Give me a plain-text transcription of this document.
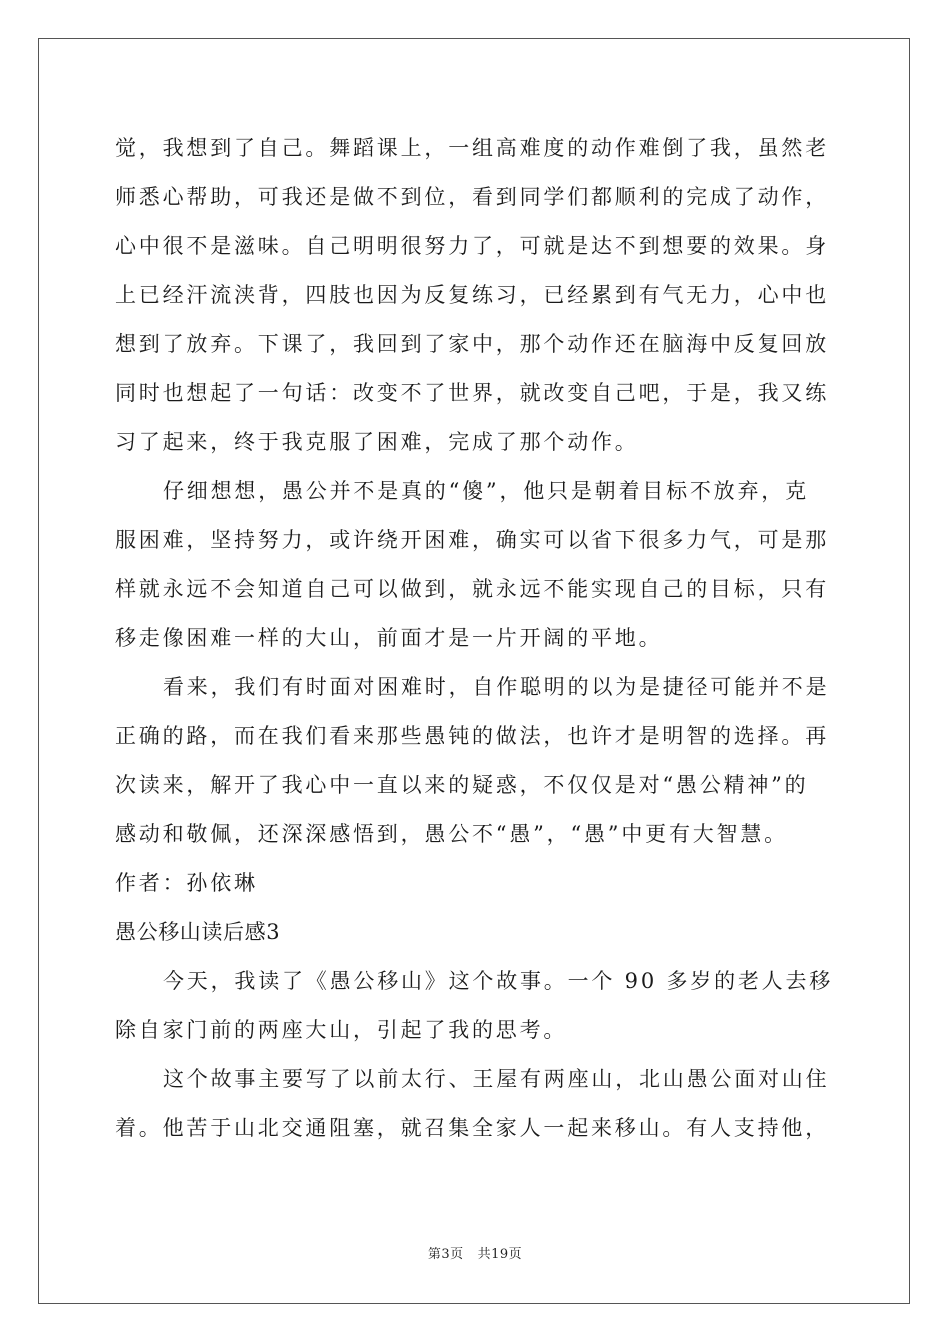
觉，我想到了自己。舞蹈课上，一组高难度的动作难倒了我，虽然老
师悉心帮助，可我还是做不到位，看到同学们都顺利的完成了动作，
心中很不是滋味。自己明明很努力了，可就是达不到想要的效果。身
上已经汗流浃背，四肢也因为反复练习，已经累到有气无力，心中也
想到了放弃。下课了，我回到了家中，那个动作还在脑海中反复回放
同时也想起了一句话：改变不了世界，就改变自己吧，于是，我又练
习了起来，终于我克服了困难，完成了那个动作。
仔细想想，愚公并不是真的“傻”，他只是朝着目标不放弃，克
服困难，坚持努力，或许绕开困难，确实可以省下很多力气，可是那
样就永远不会知道自己可以做到，就永远不能实现自己的目标，只有
移走像困难一样的大山，前面才是一片开阔的平地。
看来，我们有时面对困难时，自作聪明的以为是捷径可能并不是
正确的路，而在我们看来那些愚钝的做法，也许才是明智的选择。再
次读来，解开了我心中一直以来的疑惑，不仅仅是对“愚公精神”的
感动和敬佩，还深深感悟到，愚公不“愚”，“愚”中更有大智慧。
作者：孙依琳
愚公移山读后感3
今天，我读了《愚公移山》这个故事。一个 90 多岁的老人去移
除自家门前的两座大山，引起了我的思考。
这个故事主要写了以前太行、王屋有两座山，北山愚公面对山住
着。他苦于山北交通阻塞，就召集全家人一起来移山。有人支持他，
第3页 共19页
